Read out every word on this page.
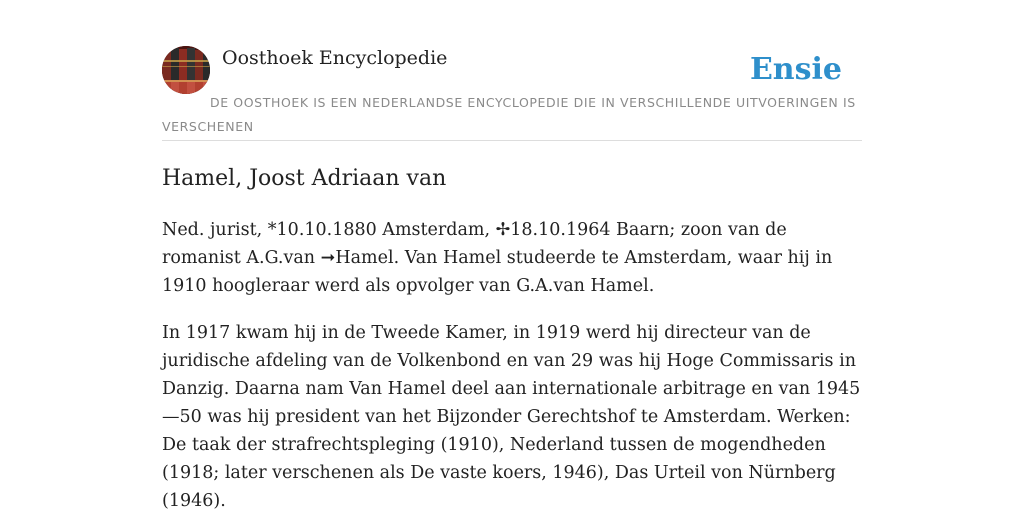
Oosthoek Encyclopedie	Ensie
DE OOSTHOEK IS EEN NEDERLANDSE ENCYCLOPEDIE DIE IN VERSCHILLENDE UITVOERINGEN IS VERSCHENEN
Hamel, Joost Adriaan van

Ned. jurist, *10.10.1880 Amsterdam, ✢18.10.1964 Baarn; zoon van de romanist A.G.van ➞Hamel. Van Hamel studeerde te Amsterdam, waar hij in 1910 hoogleraar werd als opvolger van G.A.van Hamel.

In 1917 kwam hij in de Tweede Kamer, in 1919 werd hij directeur van de juridische afdeling van de Volkenbond en van 29 was hij Hoge Commissaris in Danzig. Daarna nam Van Hamel deel aan internationale arbitrage en van 1945—50 was hij president van het Bijzonder Gerechtshof te Amsterdam. Werken: De taak der strafrechtspleging (1910), Nederland tussen de mogendheden (1918; later verschenen als De vaste koers, 1946), Das Urteil von Nürnberg (1946).
